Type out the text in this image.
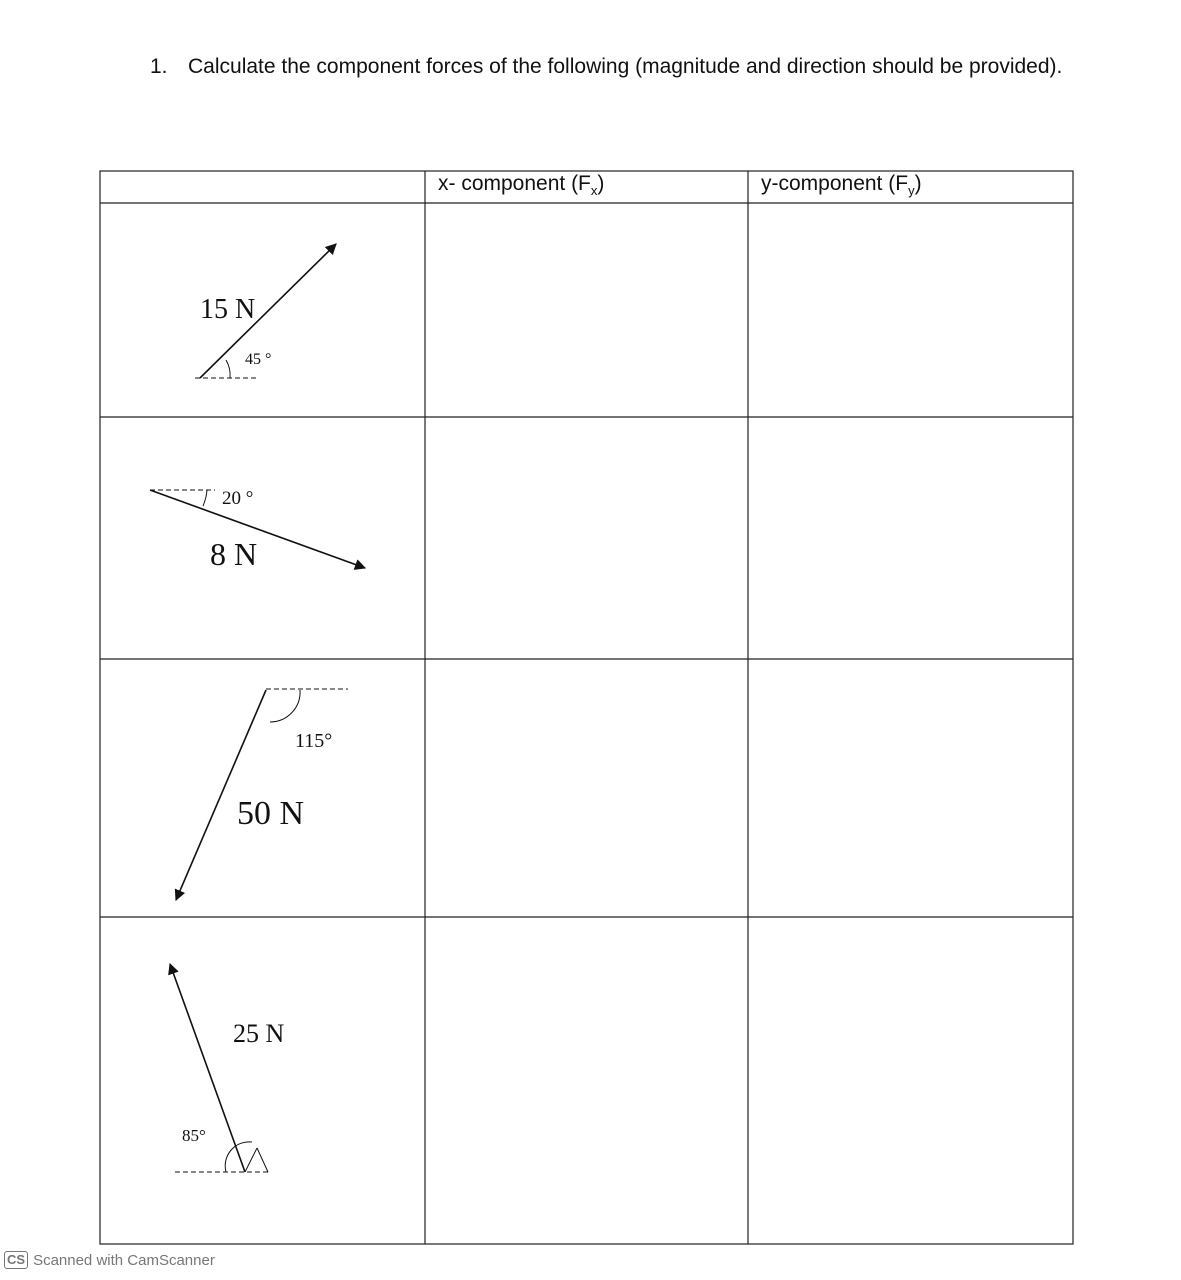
1. Calculate the component forces of the following (magnitude and direction should be provided).
x- component $(F_x)$	y-component $(F_y)$
15 N
45 °
20 °
8 N
115°
50 N
25 N
85°
CS Scanned with CamScanner
